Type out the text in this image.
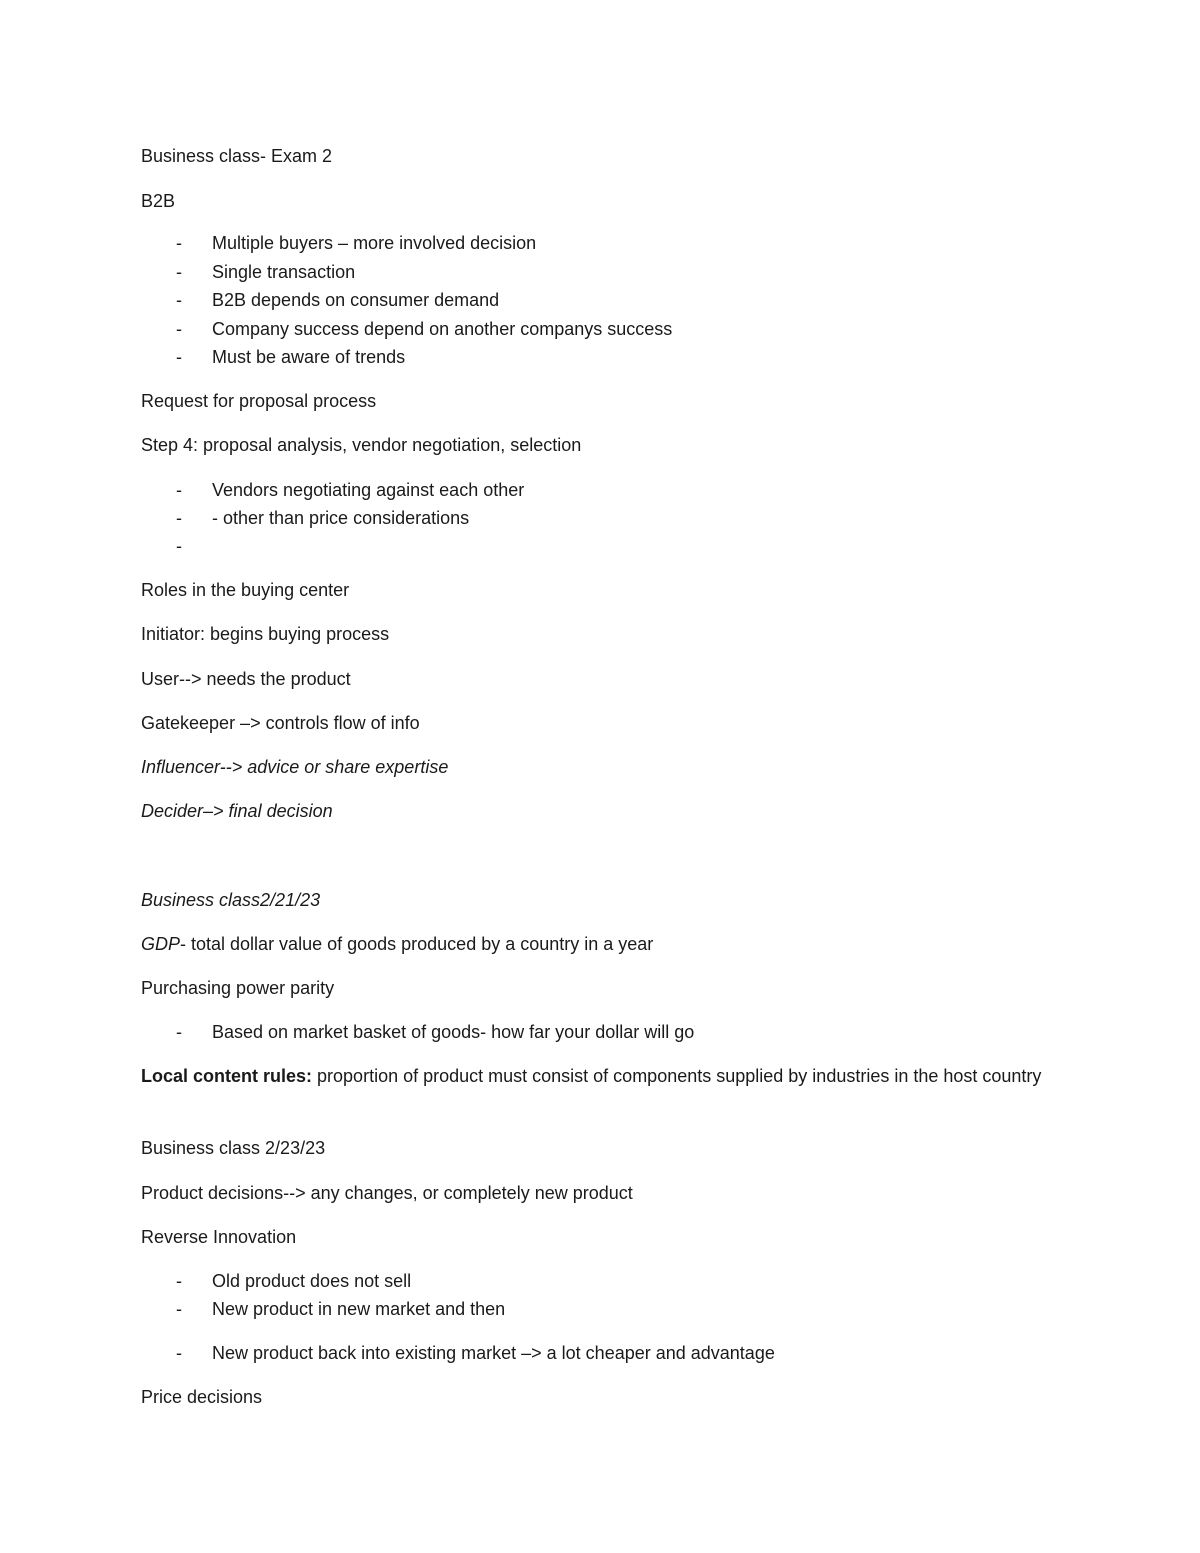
Business class- Exam 2
B2B
- Multiple buyers – more involved decision
- Single transaction
- B2B depends on consumer demand
- Company success depend on another companys success
- Must be aware of trends
Request for proposal process
Step 4: proposal analysis, vendor negotiation, selection
- Vendors negotiating against each other
- - other than price considerations
-
Roles in the buying center
Initiator: begins buying process
User--> needs the product
Gatekeeper –> controls flow of info
Influencer--> advice or share expertise
Decider–> final decision
Business class2/21/23
GDP- total dollar value of goods produced by a country in a year
Purchasing power parity
- Based on market basket of goods- how far your dollar will go
Local content rules: proportion of product must consist of components supplied by industries in the host country
Business class 2/23/23
Product decisions--> any changes, or completely new product
Reverse Innovation
- Old product does not sell
- New product in new market and then
- New product back into existing market –> a lot cheaper and advantage
Price decisions
